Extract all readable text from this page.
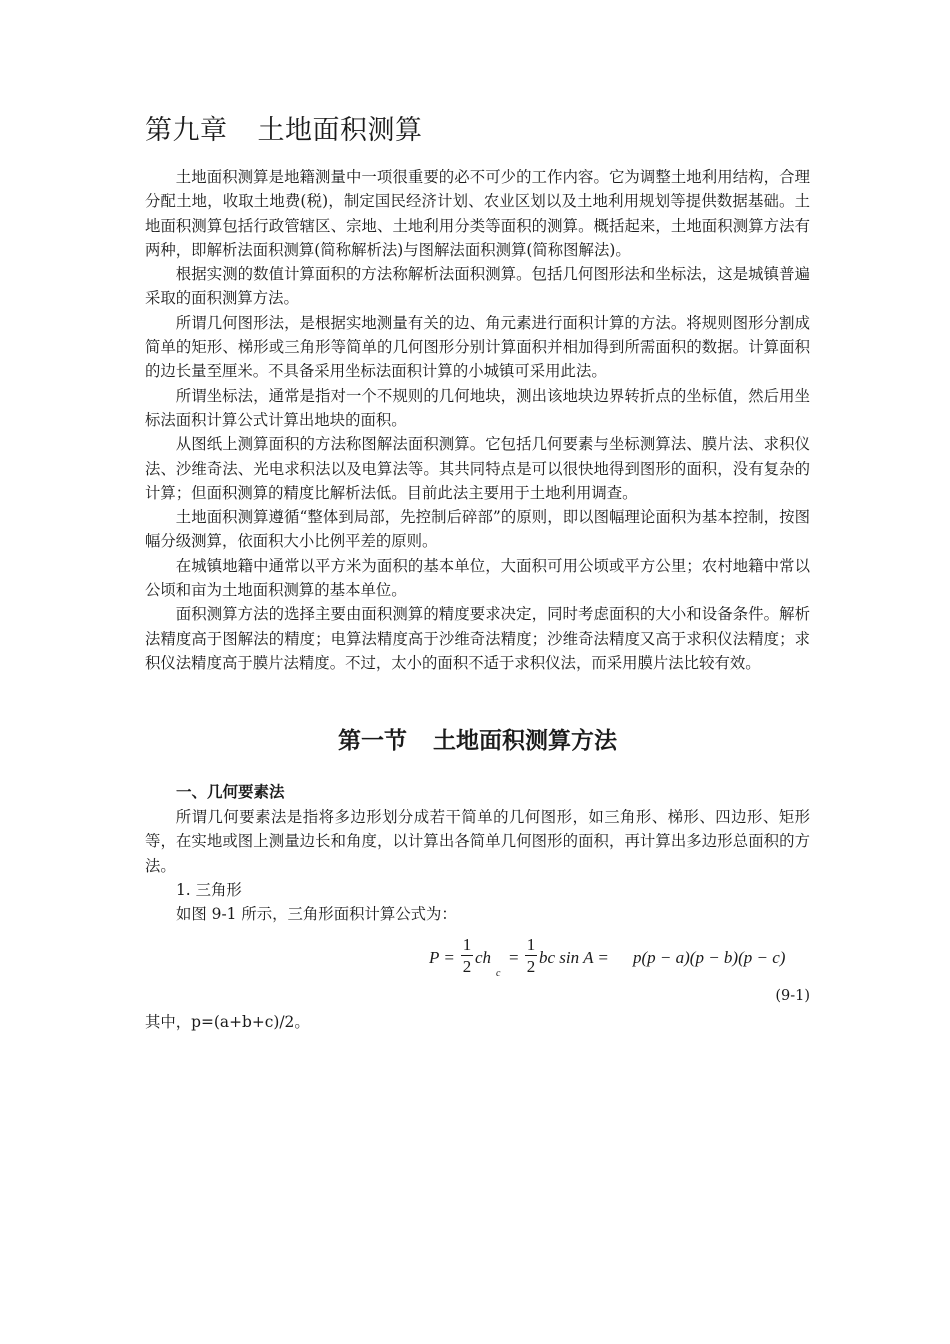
第九章 土地面积测算

土地面积测算是地籍测量中一项很重要的必不可少的工作内容。它为调整土地利用结构，合理分配土地，收取土地费(税)，制定国民经济计划、农业区划以及土地利用规划等提供数据基础。土地面积测算包括行政管辖区、宗地、土地利用分类等面积的测算。概括起来，土地面积测算方法有两种，即解析法面积测算(简称解析法)与图解法面积测算(简称图解法)。

根据实测的数值计算面积的方法称解析法面积测算。包括几何图形法和坐标法，这是城镇普遍采取的面积测算方法。

所谓几何图形法，是根据实地测量有关的边、角元素进行面积计算的方法。将规则图形分割成简单的矩形、梯形或三角形等简单的几何图形分别计算面积并相加得到所需面积的数据。计算面积的边长量至厘米。不具备采用坐标法面积计算的小城镇可采用此法。

所谓坐标法，通常是指对一个不规则的几何地块，测出该地块边界转折点的坐标值，然后用坐标法面积计算公式计算出地块的面积。

从图纸上测算面积的方法称图解法面积测算。它包括几何要素与坐标测算法、膜片法、求积仪法、沙维奇法、光电求积法以及电算法等。其共同特点是可以很快地得到图形的面积，没有复杂的计算；但面积测算的精度比解析法低。目前此法主要用于土地利用调查。

土地面积测算遵循“整体到局部，先控制后碎部”的原则，即以图幅理论面积为基本控制，按图幅分级测算，依面积大小比例平差的原则。

在城镇地籍中通常以平方米为面积的基本单位，大面积可用公顷或平方公里；农村地籍中常以公顷和亩为土地面积测算的基本单位。

面积测算方法的选择主要由面积测算的精度要求决定，同时考虑面积的大小和设备条件。解析法精度高于图解法的精度；电算法精度高于沙维奇法精度；沙维奇法精度又高于求积仪法精度；求积仪法精度高于膜片法精度。不过，太小的面积不适于求积仪法，而采用膜片法比较有效。

第一节 土地面积测算方法
一、几何要素法

所谓几何要素法是指将多边形划分成若干简单的几何图形，如三角形、梯形、四边形、矩形等，在实地或图上测量边长和角度，以计算出各简单几何图形的面积，再计算出多边形总面积的方法。

1. 三角形
如图 9-1 所示，三角形面积计算公式为：
P =
1
2 ch
c
=
1
2 bc sin A = p(p − a)(p − b)(p − c)
(9-1)
其中，p=(a+b+c)/2。
